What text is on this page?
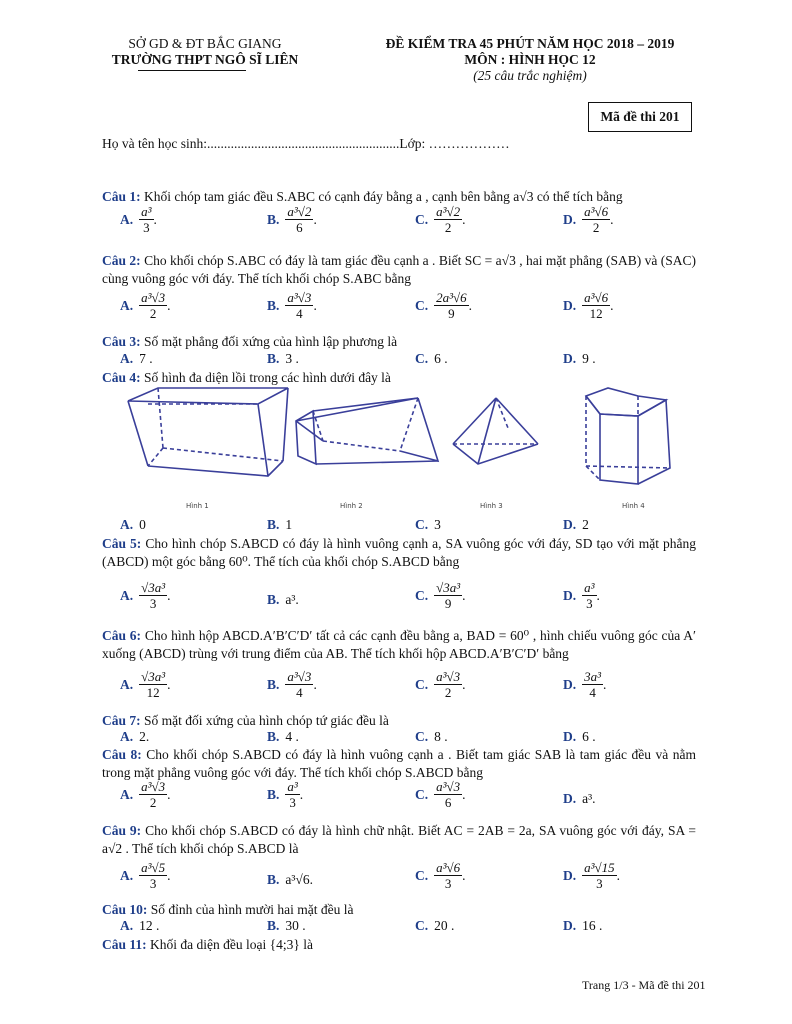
SỞ GD & ĐT BẮC GIANG
TRƯỜNG THPT NGÔ SĨ LIÊN
ĐỀ KIỂM TRA 45 PHÚT NĂM HỌC 2018 – 2019
MÔN : HÌNH HỌC 12
(25 câu trắc nghiệm)
Mã đề thi 201
Họ và tên học sinh:.........................................................Lớp: ………………
Câu 1: Khối chóp tam giác đều S.ABC có cạnh đáy bằng a , cạnh bên bằng a√3 có thể tích bằng
A. $\frac{\text{a³}}{3}$ .	B. $\frac{\text{a³√2}}{6}$ .	C. $\frac{\text{a³√2}}{2}$ .	D. $\frac{\text{a³√6}}{2}$ .
Câu 2: Cho khối chóp S.ABC có đáy là tam giác đều cạnh a . Biết SC = a√3 , hai mặt phẳng (SAB) và (SAC) cùng vuông góc với đáy. Thể tích khối chóp S.ABC bằng
A. $\frac{\text{a³√3}}{2}$ .	B. $\frac{\text{a³√3}}{4}$ .	C. $\frac{\text{2a³√6}}{9}$ .	D. $\frac{\text{a³√6}}{12}$ .
Câu 3: Số mặt phẳng đối xứng của hình lập phương là
A. 7 .	B. 3 .	C. 6 .	D. 9 .
Câu 4: Số hình đa diện lồi trong các hình dưới đây là
A. 0	B. 1	C. 3	D. 2
Câu 5: Cho hình chóp S.ABCD có đáy là hình vuông cạnh a, SA vuông góc với đáy, SD tạo với mặt phẳng (ABCD) một góc bằng 60⁰. Thể tích của khối chóp S.ABCD bằng
A. $\frac{\text{√3a³}}{3}$ .	B. a³.	C. $\frac{\text{√3a³}}{9}$ .	D. $\frac{\text{a³}}{3}$ .
Câu 6: Cho hình hộp ABCD.A′B′C′D′ tất cả các cạnh đều bằng a, BAD = 60⁰ , hình chiếu vuông góc của A′ xuống (ABCD) trùng với trung điểm của AB. Thể tích khối hộp ABCD.A′B′C′D′ bằng
A. $\frac{\text{√3a³}}{12}$ .	B. $\frac{\text{a³√3}}{4}$ .	C. $\frac{\text{a³√3}}{2}$ .	D. $\frac{\text{3a³}}{4}$ .
Câu 7: Số mặt đối xứng của hình chóp tứ giác đều là
A. 2.	B. 4 .	C. 8 .	D. 6 .
Câu 8: Cho khối chóp S.ABCD có đáy là hình vuông cạnh a . Biết tam giác SAB là tam giác đều và nằm trong mặt phẳng vuông góc với đáy. Thể tích khối chóp S.ABCD bằng
A. $\frac{\text{a³√3}}{2}$ .	B. $\frac{\text{a³}}{3}$ .	C. $\frac{\text{a³√3}}{6}$ .	D. a³.
Câu 9: Cho khối chóp S.ABCD có đáy là hình chữ nhật. Biết AC = 2AB = 2a, SA vuông góc với đáy, SA = a√2 . Thể tích khối chóp S.ABCD là
A. $\frac{\text{a³√5}}{3}$ .	B. a³√6.	C. $\frac{\text{a³√6}}{3}$ .	D. $\frac{\text{a³√15}}{3}$ .
Câu 10: Số đỉnh của hình mười hai mặt đều là
A. 12 .	B. 30 .	C. 20 .	D. 16 .
Câu 11: Khối đa diện đều loại {4;3} là
Hình 1	Hình 2	Hình 3	Hình 4
Trang 1/3 - Mã đề thi 201
